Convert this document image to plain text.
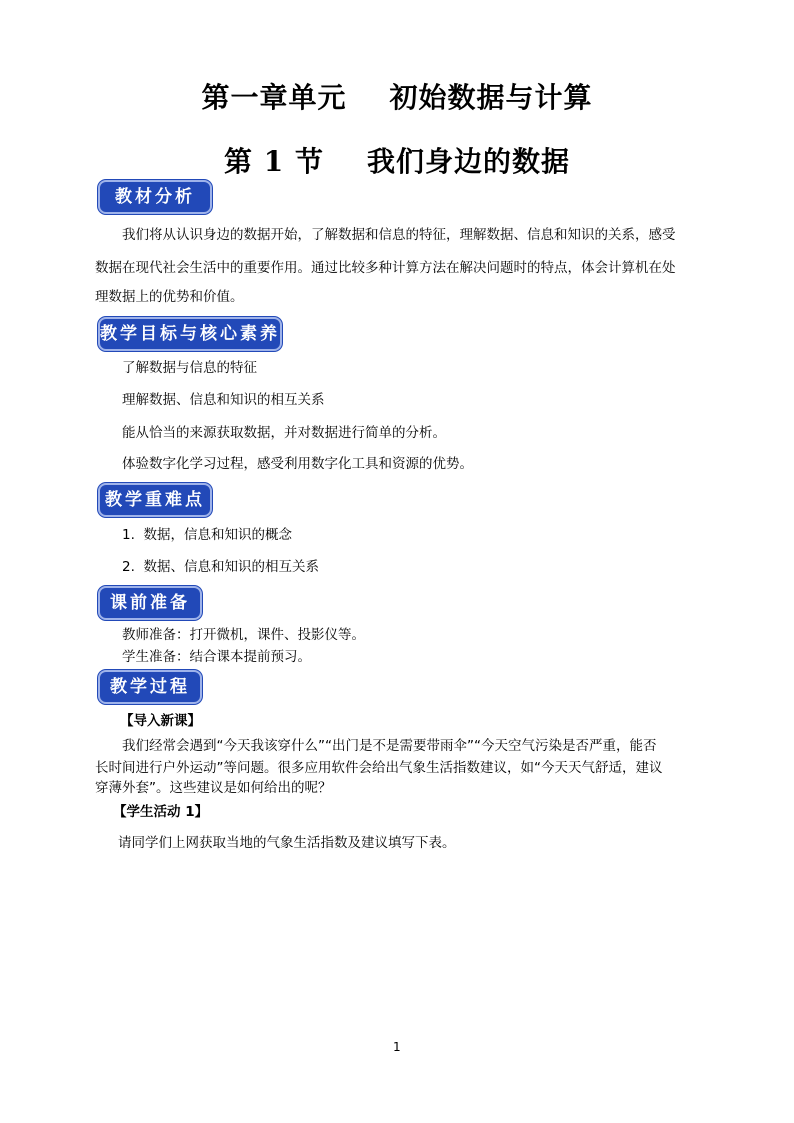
第一章单元    初始数据与计算
第 1 节    我们身边的数据
教材分析
我们将从认识身边的数据开始，了解数据和信息的特征，理解数据、信息和知识的关系，感受
数据在现代社会生活中的重要作用。通过比较多种计算方法在解决问题时的特点，体会计算机在处
理数据上的优势和价值。
教学目标与核心素养
了解数据与信息的特征
理解数据、信息和知识的相互关系
能从恰当的来源获取数据，并对数据进行简单的分析。
体验数字化学习过程，感受利用数字化工具和资源的优势。
教学重难点
1.  数据，信息和知识的概念
2.  数据、信息和知识的相互关系
课前准备
教师准备：打开微机，课件、投影仪等。
学生准备：结合课本提前预习。
教学过程
【导入新课】
我们经常会遇到“今天我该穿什么”“出门是不是需要带雨伞”“今天空气污染是否严重，能否
长时间进行户外运动”等问题。很多应用软件会给出气象生活指数建议，如“今天天气舒适，建议
穿薄外套”。这些建议是如何给出的呢？
【学生活动 1】
请同学们上网获取当地的气象生活指数及建议填写下表。
1
